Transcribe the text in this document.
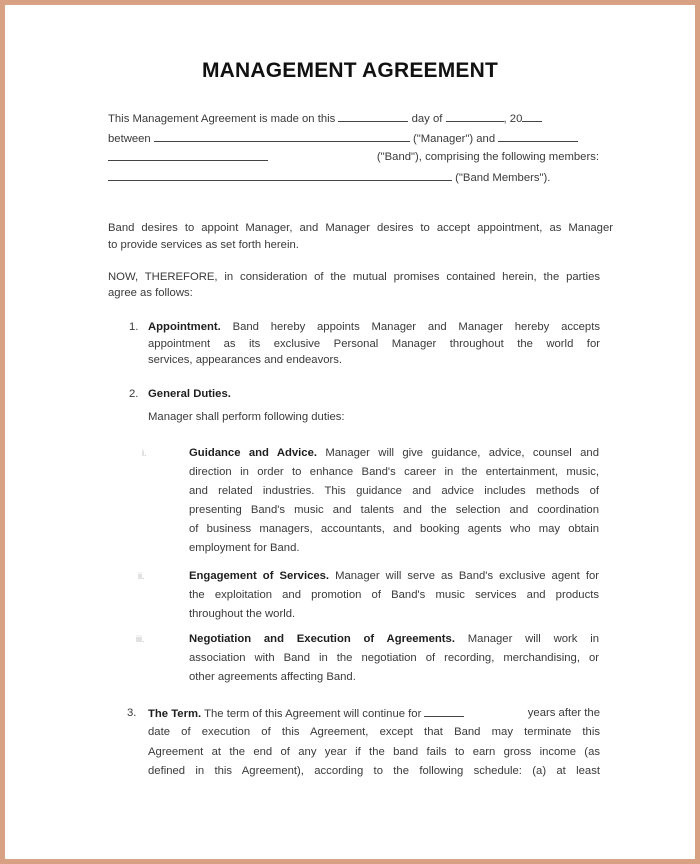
MANAGEMENT AGREEMENT
This Management Agreement is made on this	day of	, 20
between	("Manager") and
("Band"), comprising the following members:
("Band Members").
Band desires to appoint Manager, and Manager desires to accept appointment, as Manager
to provide services as set forth herein.
NOW, THEREFORE, in consideration of the mutual promises contained herein, the parties
agree as follows:
1. Appointment. Band hereby appoints Manager and Manager hereby accepts
appointment as its exclusive Personal Manager throughout the world for
services, appearances and endeavors.
2. General Duties.
Manager shall perform following duties:
i.	Guidance and Advice. Manager will give guidance, advice, counsel and
direction in order to enhance Band's career in the entertainment, music,
and related industries. This guidance and advice includes methods of
presenting Band's music and talents and the selection and coordination
of business managers, accountants, and booking agents who may obtain
employment for Band.
ii.	Engagement of Services. Manager will serve as Band's exclusive agent for
the exploitation and promotion of Band's music services and products
throughout the world.
iii.	Negotiation and Execution of Agreements. Manager will work in
association with Band in the negotiation of recording, merchandising, or
other agreements affecting Band.
3. The Term. The term of this Agreement will continue for	years after the
date of execution of this Agreement, except that Band may terminate this
Agreement at the end of any year if the band fails to earn gross income (as
defined in this Agreement), according to the following schedule: (a) at least
